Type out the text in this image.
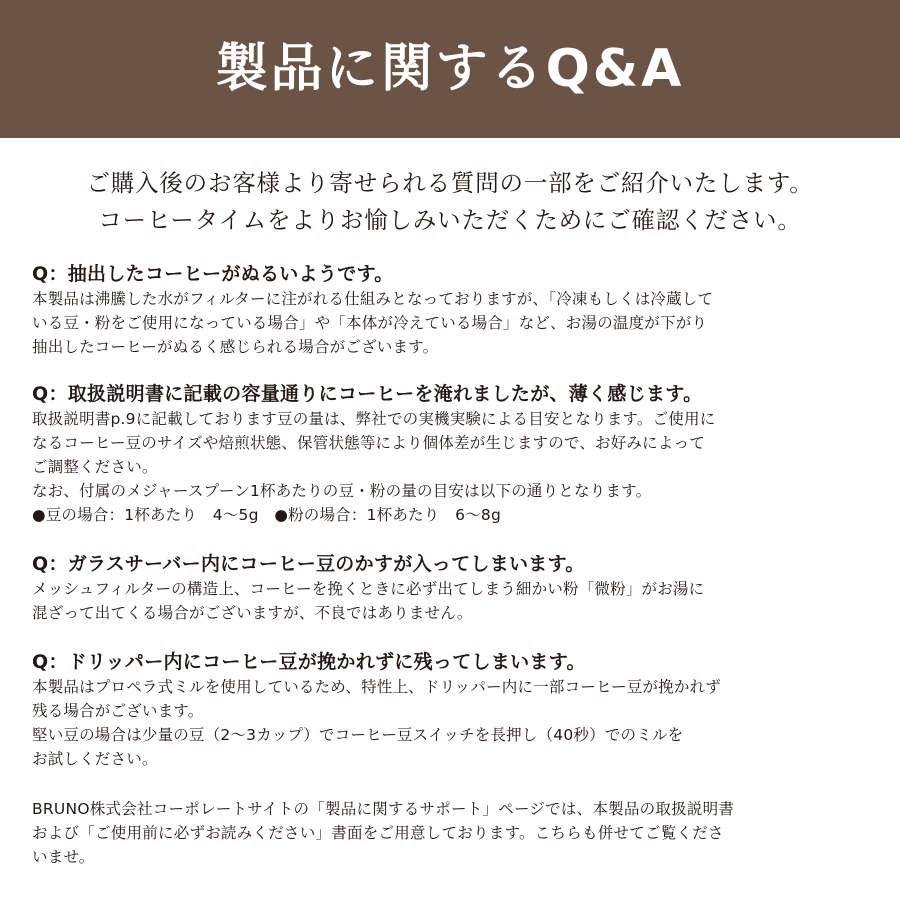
製品に関するQ&A
ご購入後のお客様より寄せられる質問の一部をご紹介いたします。
コーヒータイムをよりお愉しみいただくためにご確認ください。
Q：抽出したコーヒーがぬるいようです。
本製品は沸騰した水がフィルターに注がれる仕組みとなっておりますが、「冷凍もしくは冷蔵して
いる豆・粉をご使用になっている場合」や「本体が冷えている場合」など、お湯の温度が下がり
抽出したコーヒーがぬるく感じられる場合がございます。
Q：取扱説明書に記載の容量通りにコーヒーを淹れましたが、薄く感じます。
取扱説明書p.9に記載しております豆の量は、弊社での実機実験による目安となります。ご使用に
なるコーヒー豆のサイズや焙煎状態、保管状態等により個体差が生じますので、お好みによって
ご調整ください。
なお、付属のメジャースプーン1杯あたりの豆・粉の量の目安は以下の通りとなります。
●豆の場合：1杯あたり　4〜5g　●粉の場合：1杯あたり　6〜8g
Q：ガラスサーバー内にコーヒー豆のかすが入ってしまいます。
メッシュフィルターの構造上、コーヒーを挽くときに必ず出てしまう細かい粉「微粉」がお湯に
混ざって出てくる場合がございますが、不良ではありません。
Q：ドリッパー内にコーヒー豆が挽かれずに残ってしまいます。
本製品はプロペラ式ミルを使用しているため、特性上、ドリッパー内に一部コーヒー豆が挽かれず
残る場合がございます。
堅い豆の場合は少量の豆（2〜3カップ）でコーヒー豆スイッチを長押し（40秒）でのミルを
お試しください。
BRUNO株式会社コーポレートサイトの「製品に関するサポート」ページでは、本製品の取扱説明書
および「ご使用前に必ずお読みください」書面をご用意しております。こちらも併せてご覧くださ
いませ。
